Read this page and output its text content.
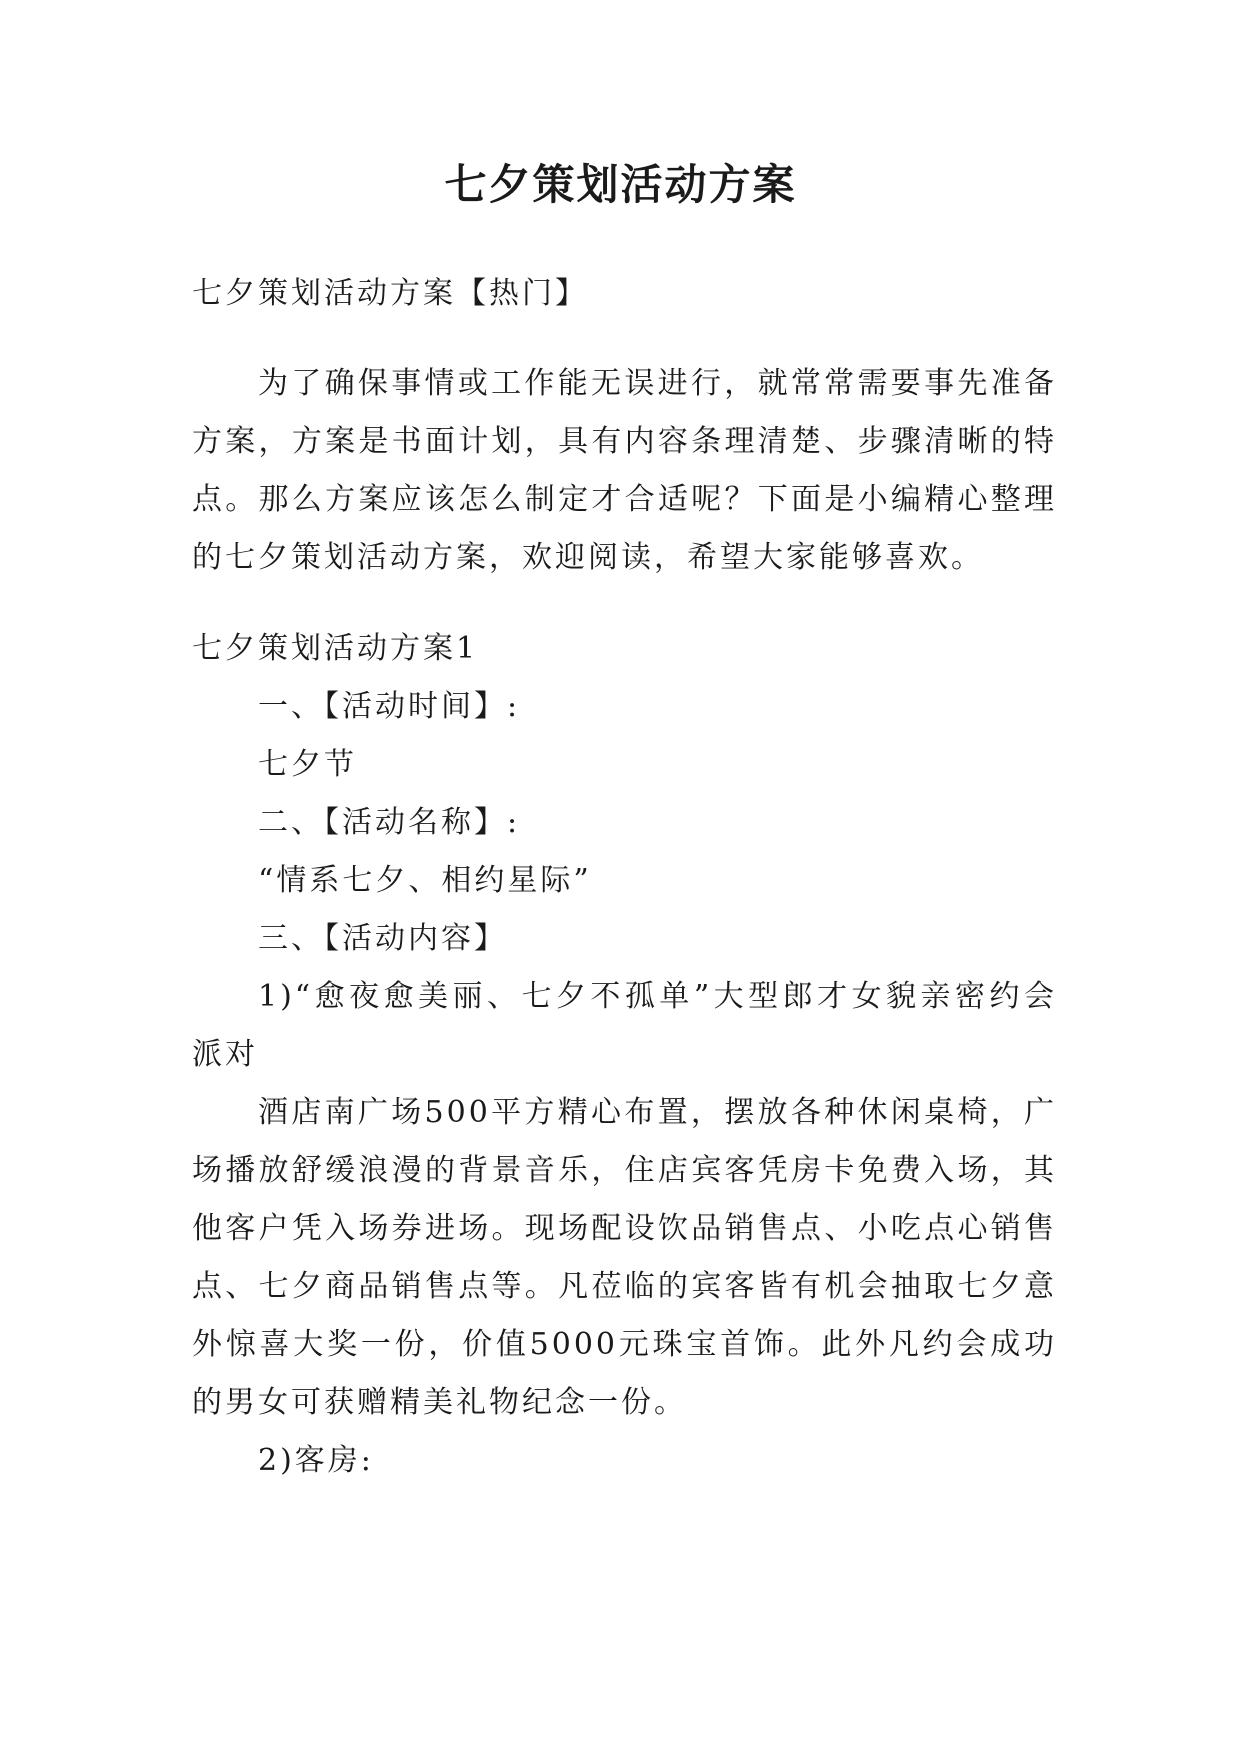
七夕策划活动方案
七夕策划活动方案【热门】
为了确保事情或工作能无误进行，就常常需要事先准备方案，方案是书面计划，具有内容条理清楚、步骤清晰的特点。那么方案应该怎么制定才合适呢？下面是小编精心整理的七夕策划活动方案，欢迎阅读，希望大家能够喜欢。
七夕策划活动方案1
一、【活动时间】:
七夕节
二、【活动名称】:
“情系七夕、相约星际”
三、【活动内容】
1)“愈夜愈美丽、七夕不孤单”大型郎才女貌亲密约会派对
酒店南广场500平方精心布置，摆放各种休闲桌椅，广场播放舒缓浪漫的背景音乐，住店宾客凭房卡免费入场，其他客户凭入场券进场。现场配设饮品销售点、小吃点心销售点、七夕商品销售点等。凡莅临的宾客皆有机会抽取七夕意外惊喜大奖一份，价值5000元珠宝首饰。此外凡约会成功的男女可获赠精美礼物纪念一份。
2)客房:
